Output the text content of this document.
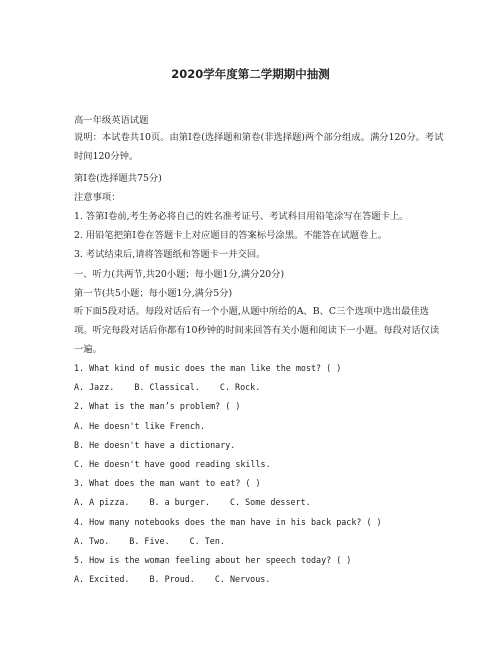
2020学年度第二学期期中抽测
高一年级英语试题
说明：本试卷共10页。由第Ⅰ卷(选择题和第卷(非选择题)两个部分组成。满分120分。考试时间120分钟。
第Ⅰ卷(选择题共75分)
注意事项：
1. 答第Ⅰ卷前,考生务必将自己的姓名准考证号、考试科目用铅笔涂写在答题卡上。
2. 用铅笔把第Ⅰ卷在答题卡上对应题目的答案标号涂黑。不能答在试题卷上。
3. 考试结束后,请将答题纸和答题卡一并交回。
一、听力(共两节,共20小题；每小题1分,满分20分)
第一节(共5小题；每小题1分,满分5分)
听下面5段对话。每段对话后有一个小题,从题中所给的A、B、C三个选项中选出最佳选项。听完每段对话后你都有10秒钟的时间来回答有关小题和阅读下一小题。每段对话仅读一遍。
1. What kind of music does the man like the most? ( )
A. Jazz. B. Classical. C. Rock.
2. What is the man’s problem? ( )
A. He doesn't like French.
B. He doesn't have a dictionary.
C. He doesn't have good reading skills.
3. What does the man want to eat? ( )
A. A pizza. B. a burger. C. Some dessert.
4. How many notebooks does the man have in his back pack? ( )
A. Two. B. Five. C. Ten.
5. How is the woman feeling about her speech today? ( )
A. Excited. B. Proud. C. Nervous.
